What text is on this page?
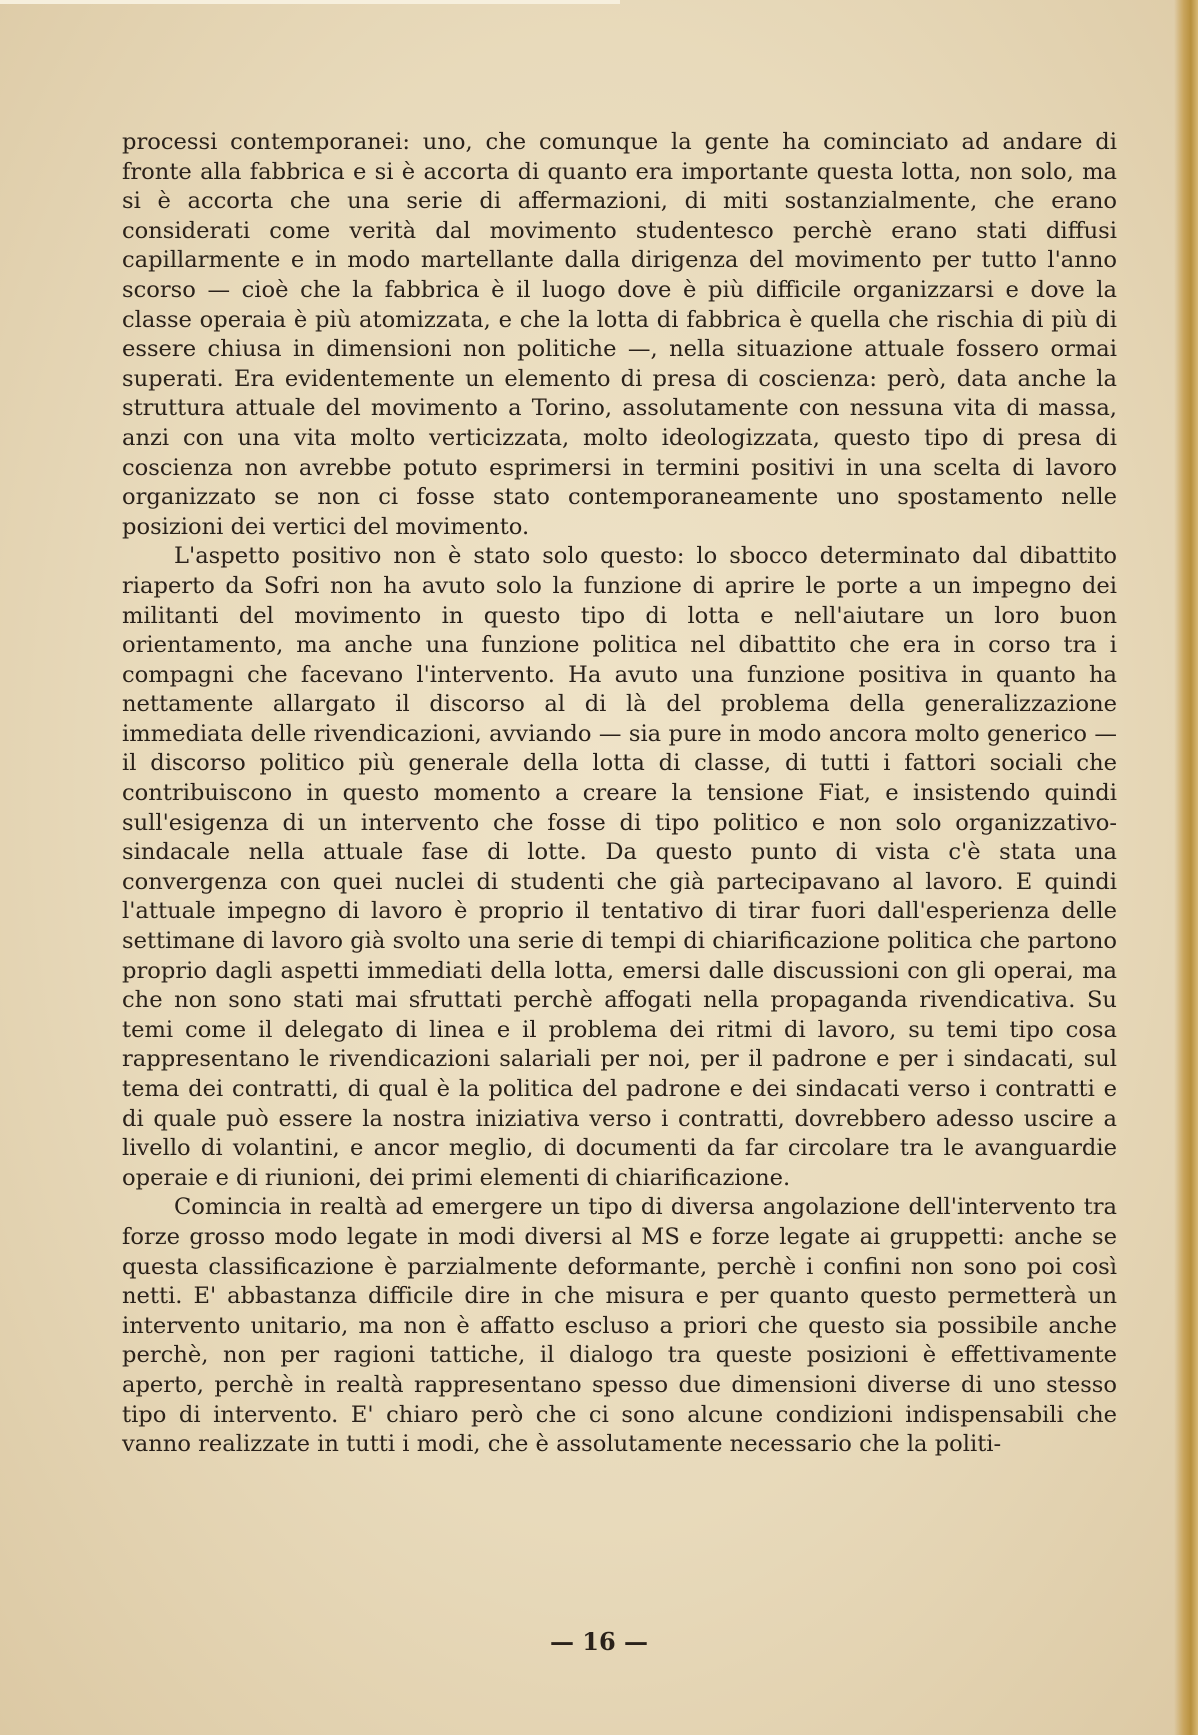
processi contemporanei: uno, che comunque la gente ha cominciato ad andare di fronte alla fabbrica e si è accorta di quanto era importante questa lotta, non solo, ma si è accorta che una serie di affermazioni, di miti sostanzialmente, che erano considerati come verità dal movimento studentesco perchè erano stati diffusi capillarmente e in modo martellante dalla dirigenza del movimento per tutto l'anno scorso — cioè che la fabbrica è il luogo dove è più difficile organizzarsi e dove la classe operaia è più atomizzata, e che la lotta di fabbrica è quella che rischia di più di essere chiusa in dimensioni non politiche —, nella situazione attuale fossero ormai superati. Era evidentemente un elemento di presa di coscienza: però, data anche la struttura attuale del movimento a Torino, assolutamente con nessuna vita di massa, anzi con una vita molto verticizzata, molto ideologizzata, questo tipo di presa di coscienza non avrebbe potuto esprimersi in termini positivi in una scelta di lavoro organizzato se non ci fosse stato contemporaneamente uno spostamento nelle posizioni dei vertici del movimento.

L'aspetto positivo non è stato solo questo: lo sbocco determinato dal dibattito riaperto da Sofri non ha avuto solo la funzione di aprire le porte a un impegno dei militanti del movimento in questo tipo di lotta e nell'aiutare un loro buon orientamento, ma anche una funzione politica nel dibattito che era in corso tra i compagni che facevano l'intervento. Ha avuto una funzione positiva in quanto ha nettamente allargato il discorso al di là del problema della generalizzazione immediata delle rivendicazioni, avviando — sia pure in modo ancora molto generico — il discorso politico più generale della lotta di classe, di tutti i fattori sociali che contribuiscono in questo momento a creare la tensione Fiat, e insistendo quindi sull'esigenza di un intervento che fosse di tipo politico e non solo organizzativo-sindacale nella attuale fase di lotte. Da questo punto di vista c'è stata una convergenza con quei nuclei di studenti che già partecipavano al lavoro. E quindi l'attuale impegno di lavoro è proprio il tentativo di tirar fuori dall'esperienza delle settimane di lavoro già svolto una serie di tempi di chiarificazione politica che partono proprio dagli aspetti immediati della lotta, emersi dalle discussioni con gli operai, ma che non sono stati mai sfruttati perchè affogati nella propaganda rivendicativa. Su temi come il delegato di linea e il problema dei ritmi di lavoro, su temi tipo cosa rappresentano le rivendicazioni salariali per noi, per il padrone e per i sindacati, sul tema dei contratti, di qual è la politica del padrone e dei sindacati verso i contratti e di quale può essere la nostra iniziativa verso i contratti, dovrebbero adesso uscire a livello di volantini, e ancor meglio, di documenti da far circolare tra le avanguardie operaie e di riunioni, dei primi elementi di chiarificazione.

Comincia in realtà ad emergere un tipo di diversa angolazione dell'intervento tra forze grosso modo legate in modi diversi al MS e forze legate ai gruppetti: anche se questa classificazione è parzialmente deformante, perchè i confini non sono poi così netti. E' abbastanza difficile dire in che misura e per quanto questo permetterà un intervento unitario, ma non è affatto escluso a priori che questo sia possibile anche perchè, non per ragioni tattiche, il dialogo tra queste posizioni è effettivamente aperto, perchè in realtà rappresentano spesso due dimensioni diverse di uno stesso tipo di intervento. E' chiaro però che ci sono alcune condizioni indispensabili che vanno realizzate in tutti i modi, che è assolutamente necessario che la politi-

— 16 —
